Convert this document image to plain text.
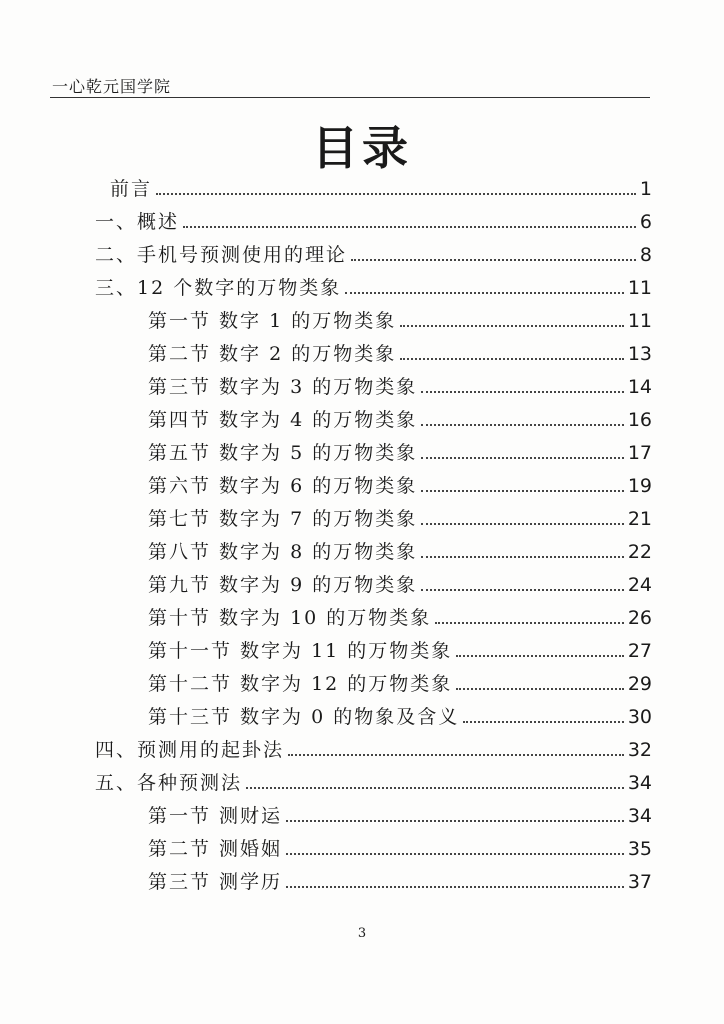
一心乾元国学院
目录
前言	1
一、概述	6
二、手机号预测使用的理论	8
三、12 个数字的万物类象	11
第一节 数字 1 的万物类象	11
第二节 数字 2 的万物类象	13
第三节 数字为 3 的万物类象	14
第四节 数字为 4 的万物类象	16
第五节 数字为 5 的万物类象	17
第六节 数字为 6 的万物类象	19
第七节 数字为 7 的万物类象	21
第八节 数字为 8 的万物类象	22
第九节 数字为 9 的万物类象	24
第十节 数字为 10 的万物类象	26
第十一节 数字为 11 的万物类象	27
第十二节 数字为 12 的万物类象	29
第十三节 数字为 0 的物象及含义	30
四、预测用的起卦法	32
五、各种预测法	34
第一节 测财运	34
第二节 测婚姻	35
第三节 测学历	37
3
